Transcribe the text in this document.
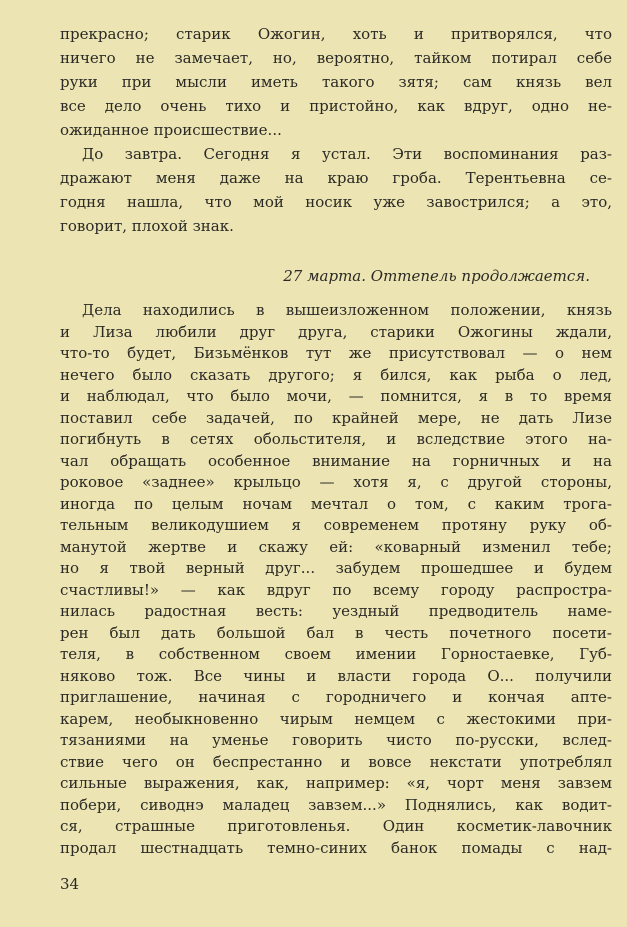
прекрасно; старик Ожогин, хоть и притворялся, что
ничего не замечает, но, вероятно, тайком потирал себе
руки при мысли иметь такого зятя; сам князь вел
все дело очень тихо и пристойно, как вдруг, одно не-
ожиданное происшествие...
До завтра. Сегодня я устал. Эти воспоминания раз-
дражают меня даже на краю гроба. Терентьевна се-
годня нашла, что мой носик уже завострился; а это,
говорит, плохой знак.
27 марта. Оттепель продолжается.
Дела находились в вышеизложенном положении, князь
и Лиза любили друг друга, старики Ожогины ждали,
что-то будет, Бизьмёнков тут же присутствовал — о нем
нечего было сказать другого; я бился, как рыба о лед,
и наблюдал, что было мочи, — помнится, я в то время
поставил себе задачей, по крайней мере, не дать Лизе
погибнуть в сетях обольстителя, и вследствие этого на-
чал обращать особенное внимание на горничных и на
роковое «заднее» крыльцо — хотя я, с другой стороны,
иногда по целым ночам мечтал о том, с каким трога-
тельным великодушием я современем протяну руку об-
манутой жертве и скажу ей: «коварный изменил тебе;
но я твой верный друг... забудем прошедшее и будем
счастливы!» — как вдруг по всему городу распростра-
нилась радостная весть: уездный предводитель наме-
рен был дать большой бал в честь почетного посети-
теля, в собственном своем имении Горностаевке, Губ-
няково тож. Все чины и власти города О... получили
приглашение, начиная с городничего и кончая апте-
карем, необыкновенно чирым немцем с жестокими при-
тязаниями на уменье говорить чисто по-русски, вслед-
ствие чего он беспрестанно и вовсе некстати употреблял
сильные выражения, как, например: «я, чорт меня завзем
побери, сиводнэ маладец завзем...» Поднялись, как водит-
ся, страшные приготовленья. Один косметик-лавочник
продал шестнадцать темно-синих банок помады с над-
34
